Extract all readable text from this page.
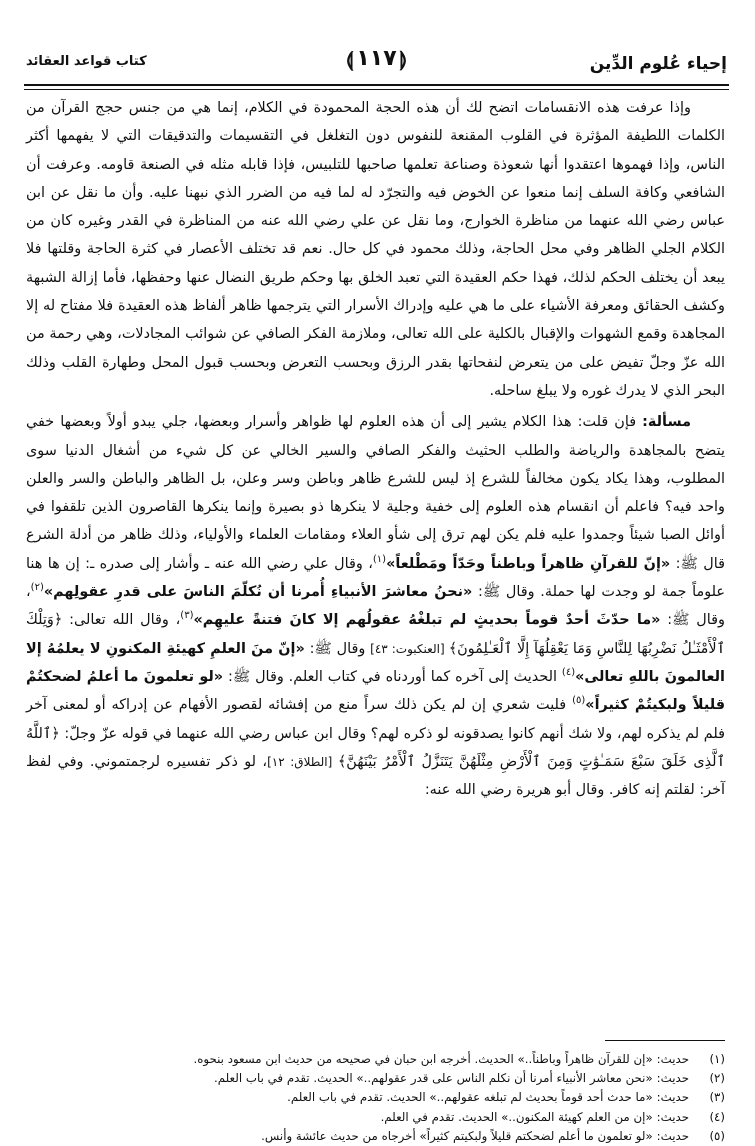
إحياء عُلوم الدِّين
⟬ ١١٧ ⟭
كتاب قواعد العقائد

وإذا عرفت هذه الانقسامات اتضح لك أن هذه الحجة المحمودة في الكلام، إنما هي من جنس حجج القرآن من الكلمات اللطيفة المؤثرة في القلوب المقنعة للنفوس دون التغلغل في التقسيمات والتدقيقات التي لا يفهمها أكثر الناس، وإذا فهموها اعتقدوا أنها شعوذة وصناعة تعلمها صاحبها للتلبيس، فإذا قابله مثله في الصنعة قاومه. وعرفت أن الشافعي وكافة السلف إنما منعوا عن الخوض فيه والتجرّد له لما فيه من الضرر الذي نبهنا عليه. وأن ما نقل عن ابن عباس رضي الله عنهما من مناظرة الخوارج، وما نقل عن علي رضي الله عنه من المناظرة في القدر وغيره كان من الكلام الجلي الظاهر وفي محل الحاجة، وذلك محمود في كل حال. نعم قد تختلف الأعصار في كثرة الحاجة وقلتها فلا يبعد أن يختلف الحكم لذلك، فهذا حكم العقيدة التي تعبد الخلق بها وحكم طريق النضال عنها وحفظها، فأما إزالة الشبهة وكشف الحقائق ومعرفة الأشياء على ما هي عليه وإدراك الأسرار التي يترجمها ظاهر ألفاظ هذه العقيدة فلا مفتاح له إلا المجاهدة وقمع الشهوات والإقبال بالكلية على الله تعالى، وملازمة الفكر الصافي عن شوائب المجادلات، وهي رحمة من الله عزّ وجلّ تفيض على من يتعرض لنفحاتها بقدر الرزق وبحسب التعرض وبحسب قبول المحل وطهارة القلب وذلك البحر الذي لا يدرك غوره ولا يبلغ ساحله.

مسألة: فإن قلت: هذا الكلام يشير إلى أن هذه العلوم لها ظواهر وأسرار وبعضها، جلي يبدو أولاً وبعضها خفي يتضح بالمجاهدة والرياضة والطلب الحثيث والفكر الصافي والسير الخالي عن كل شيء من أشغال الدنيا سوى المطلوب، وهذا يكاد يكون مخالفاً للشرع إذ ليس للشرع ظاهر وباطن وسر وعلن، بل الظاهر والباطن والسر والعلن واحد فيه؟ فاعلم أن انقسام هذه العلوم إلى خفية وجلية لا ينكرها ذو بصيرة وإنما ينكرها القاصرون الذين تلقفوا في أوائل الصبا شيئاً وجمدوا عليه فلم يكن لهم ترق إلى شأو العلاء ومقامات العلماء والأولياء، وذلك ظاهر من أدلة الشرع قال ﷺ: «إنّ للقرآنِ ظاهراً وباطناً وحَدّاً ومَطْلعاً»$^{(١)}$، وقال علي رضي الله عنه ـ وأشار إلى صدره ـ: إن ها هنا علوماً جمة لو وجدت لها حملة. وقال ﷺ: «نحنُ معاشرَ الأنبياءِ أُمرنا أن نُكلّمَ الناسَ على قدرِ عقولِهم»$^{(٢)}$، وقال ﷺ: «ما حدّثَ أحدٌ قوماً بحديثٍ لم تبلغْهُ عقولُهم إلا كانَ فتنةً عليهِم»$^{(٣)}$، وقال الله تعالى: ﴿وَتِلْكَ ٱلْأَمْثَـٰلُ نَضْرِبُهَا لِلنَّاسِ وَمَا يَعْقِلُهَآ إِلَّا ٱلْعَـٰلِمُونَ﴾ [العنكبوت: ٤٣] وقال ﷺ: «إنّ منَ العلمِ كهيئةِ المكنونِ لا يعلمُهُ إلا العالمونَ باللهِ تعالى»$^{(٤)}$ الحديث إلى آخره كما أوردناه في كتاب العلم. وقال ﷺ: «لو تعلمونَ ما أعلمُ لضحكتُمْ قليلاً ولبكيتُمْ كثيراً»$^{(٥)}$ فليت شعري إن لم يكن ذلك سراً منع من إفشائه لقصور الأفهام عن إدراكه أو لمعنى آخر فلم لم يذكره لهم، ولا شك أنهم كانوا يصدقونه لو ذكره لهم؟ وقال ابن عباس رضي الله عنهما في قوله عزّ وجلّ: ﴿ٱللَّهُ ٱلَّذِى خَلَقَ سَبْعَ سَمَـٰوَٰتٍ وَمِنَ ٱلْأَرْضِ مِثْلَهُنَّ يَتَنَزَّلُ ٱلْأَمْرُ بَيْنَهُنَّ﴾ [الطلاق: ١٢]، لو ذكر تفسيره لرجمتموني. وفي لفظ آخر: لقلتم إنه كافر. وقال أبو هريرة رضي الله عنه:

(١)
حديث:
«إن للقرآن ظاهراً وباطناً..» الحديث. أخرجه ابن حبان في صحيحه من حديث ابن مسعود بنحوه.
(٢)
حديث:
«نحن معاشر الأنبياء أمرنا أن نكلم الناس على قدر عقولهم..» الحديث. تقدم في باب العلم.
(٣)
حديث:
«ما حدث أحد قوماً بحديث لم تبلغه عقولهم..» الحديث. تقدم في باب العلم.
(٤)
حديث:
«إن من العلم كهيئة المكنون..» الحديث. تقدم في العلم.
(٥)
حديث:
«لو تعلمون ما أعلم لضحكتم قليلاً ولبكيتم كثيراً» أخرجاه من حديث عائشة وأنس.
